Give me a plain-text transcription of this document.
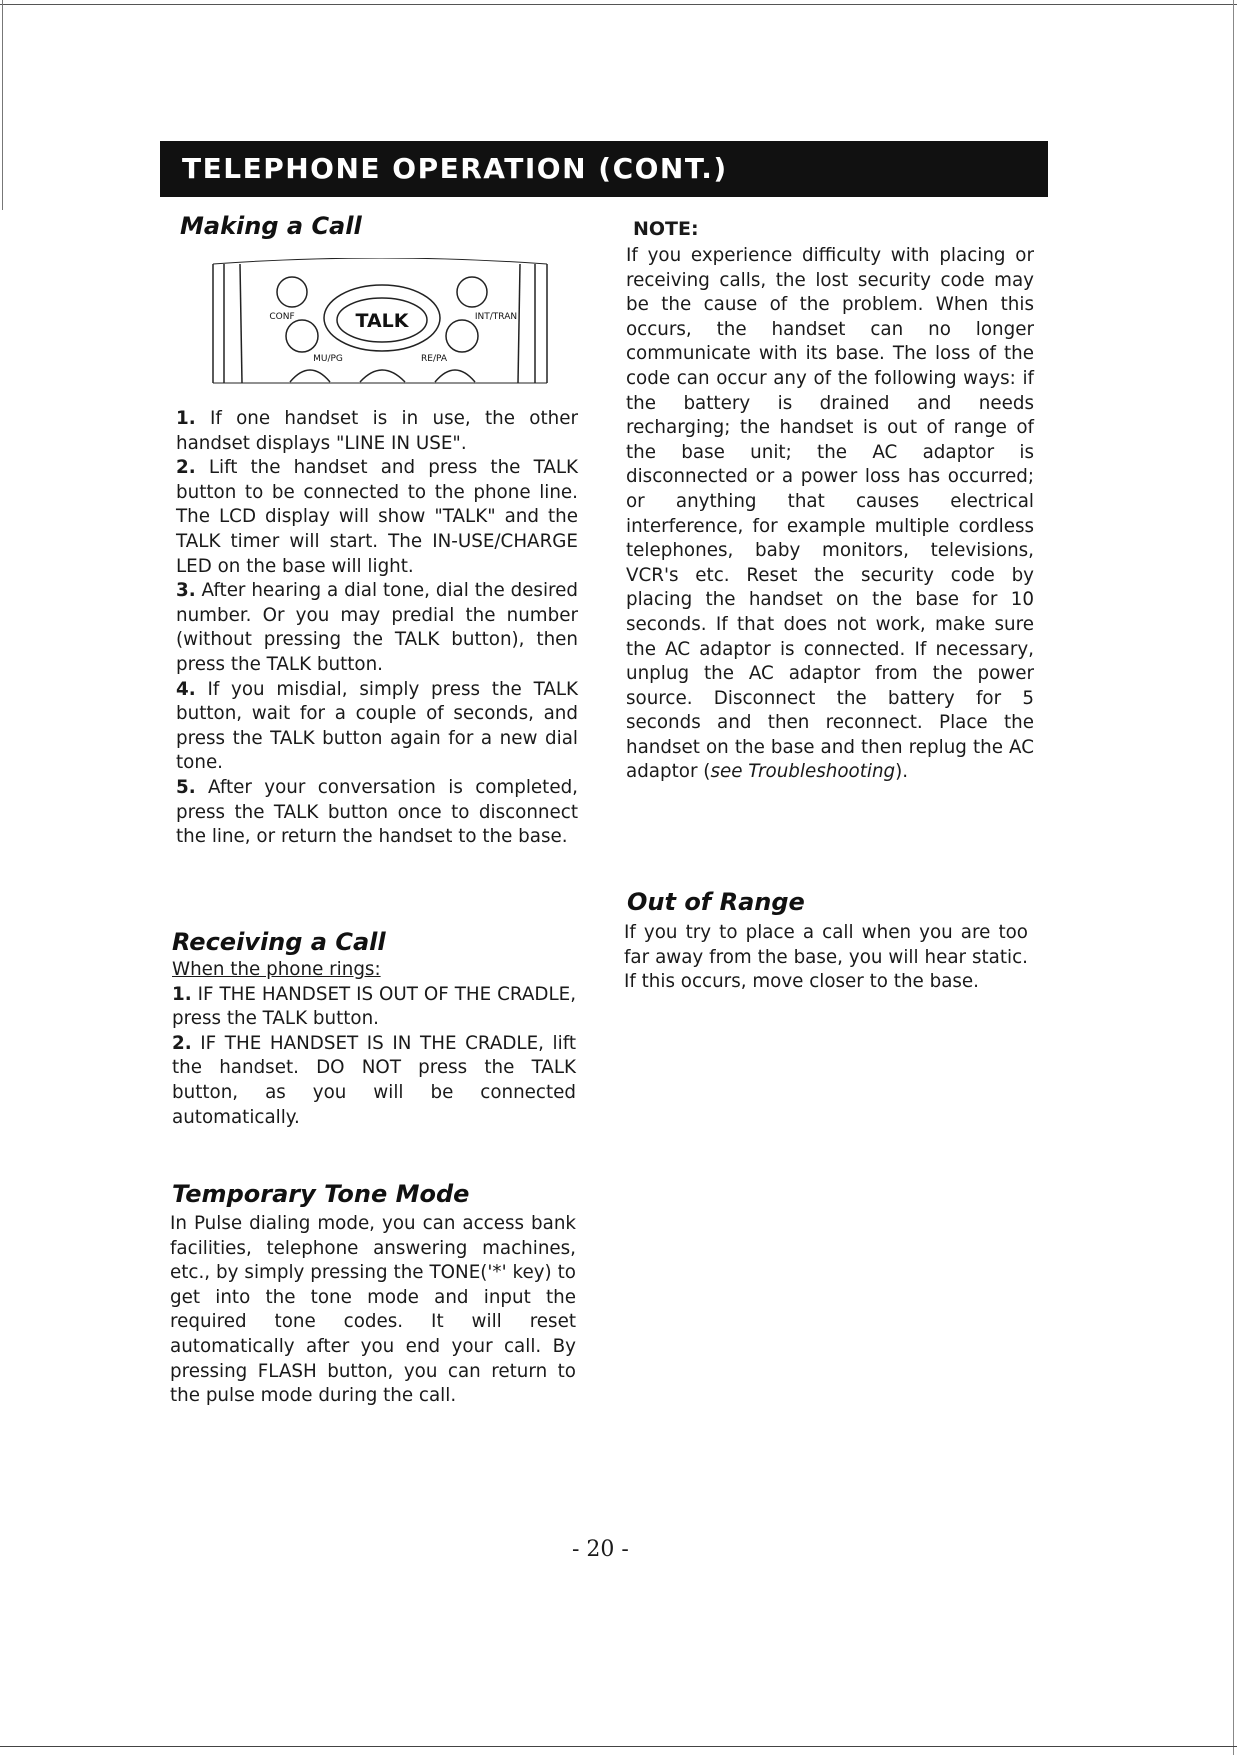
TELEPHONE OPERATION (CONT.)
Making a Call
TALK
CONF	INT/TRAN
MU/PG	RE/PA

1. If one handset is in use, the other handset displays "LINE IN USE".

2. Lift the handset and press the TALK button to be connected to the phone line. The LCD display will show "TALK" and the TALK timer will start. The IN-USE/CHARGE LED on the base will light.

3. After hearing a dial tone, dial the desired number. Or you may predial the number (without pressing the TALK button), then press the TALK button.

4. If you misdial, simply press the TALK button, wait for a couple of seconds, and press the TALK button again for a new dial tone.

5. After your conversation is completed, press the TALK button once to disconnect the line, or return the handset to the base.

Receiving a Call

When the phone rings:

1. IF THE HANDSET IS OUT OF THE CRADLE, press the TALK button.

2. IF THE HANDSET IS IN THE CRADLE, lift the handset. DO NOT press the TALK button, as you will be connected automatically.

Temporary Tone Mode

In Pulse dialing mode, you can access bank facilities, telephone answering machines, etc., by simply pressing the TONE('*' key) to get into the tone mode and input the required tone codes. It will reset automatically after you end your call. By pressing FLASH button, you can return to the pulse mode during the call.

NOTE:

If you experience difficulty with placing or receiving calls, the lost security code may be the cause of the problem. When this occurs, the handset can no longer communicate with its base. The loss of the code can occur any of the following ways: if the battery is drained and needs recharging; the handset is out of range of the base unit; the AC adaptor is disconnected or a power loss has occurred; or anything that causes electrical interference, for example multiple cordless telephones, baby monitors, televisions, VCR's etc. Reset the security code by placing the handset on the base for 10 seconds. If that does not work, make sure the AC adaptor is connected. If necessary, unplug the AC adaptor from the power source. Disconnect the battery for 5 seconds and then reconnect. Place the handset on the base and then replug the AC adaptor (see Troubleshooting).

Out of Range

If you try to place a call when you are too far away from the base, you will hear static. If this occurs, move closer to the base.

- 20 -
